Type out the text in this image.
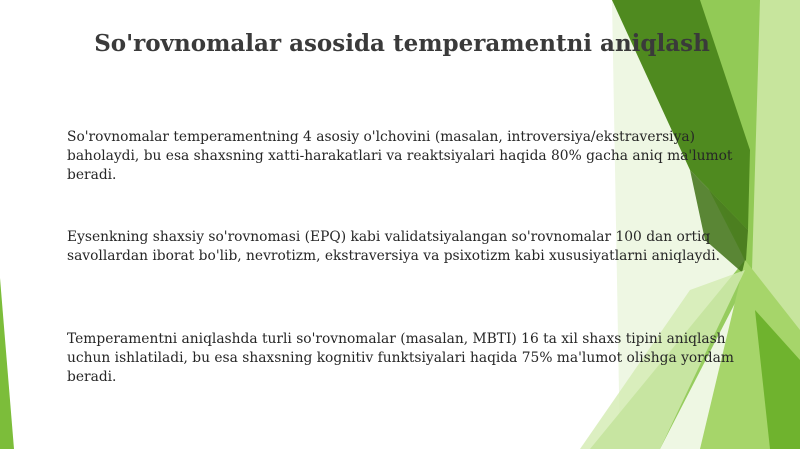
So'rovnomalar asosida temperamentni aniqlash

So'rovnomalar temperamentning 4 asosiy o'lchovini (masalan, introversiya/ekstraversiya) baholaydi, bu esa shaxsning xatti-harakatlari va reaktsiyalari haqida 80% gacha aniq ma'lumot beradi.

Eysenkning shaxsiy so'rovnomasi (EPQ) kabi validatsiyalangan so'rovnomalar 100 dan ortiq savollardan iborat bo'lib, nevrotizm, ekstraversiya va psixotizm kabi xususiyatlarni aniqlaydi.

Temperamentni aniqlashda turli so'rovnomalar (masalan, MBTI) 16 ta xil shaxs tipini aniqlash uchun ishlatiladi, bu esa shaxsning kognitiv funktsiyalari haqida 75% ma'lumot olishga yordam beradi.
